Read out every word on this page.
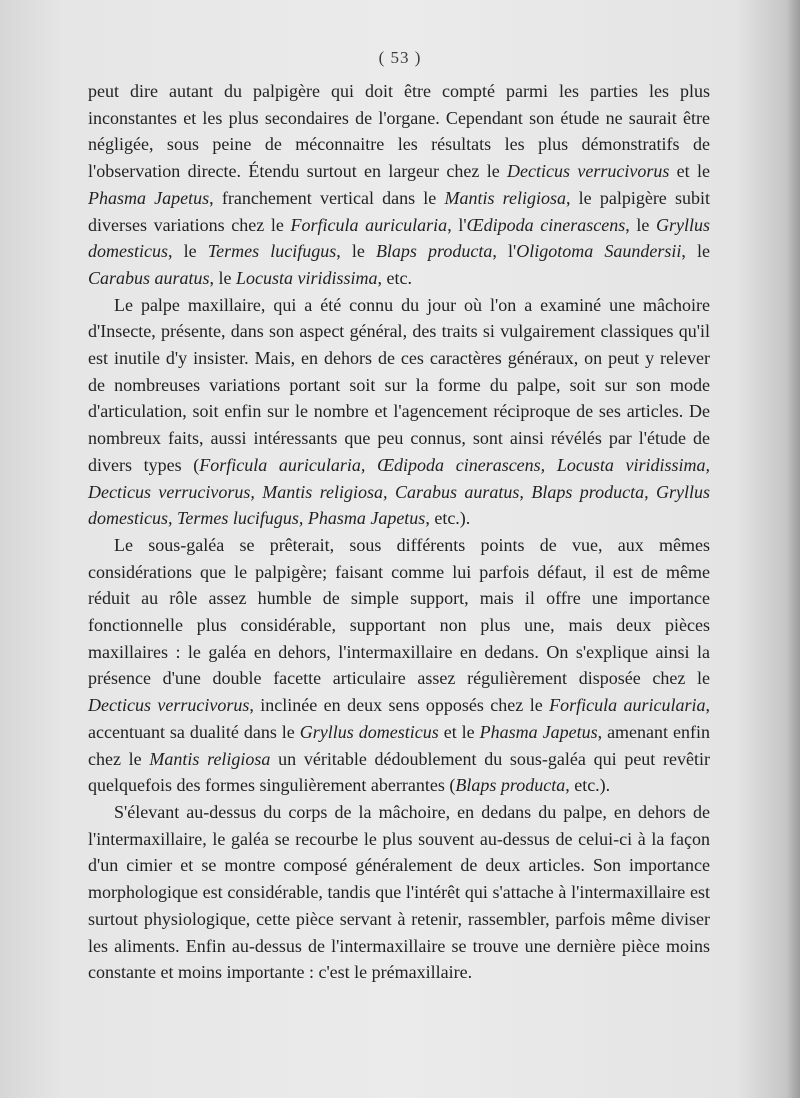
( 53 )

peut dire autant du palpigère qui doit être compté parmi les parties les plus inconstantes et les plus secondaires de l'organe. Cependant son étude ne saurait être négligée, sous peine de méconnaitre les résultats les plus démonstratifs de l'observation directe. Étendu surtout en largeur chez le Decticus verrucivorus et le Phasma Japetus, franchement vertical dans le Mantis religiosa, le palpigère subit diverses variations chez le Forficula auricularia, l'Œdipoda cinerascens, le Gryllus domesticus, le Termes lucifugus, le Blaps producta, l'Oligotoma Saundersii, le Carabus auratus, le Locusta viridissima, etc.

Le palpe maxillaire, qui a été connu du jour où l'on a examiné une mâchoire d'Insecte, présente, dans son aspect général, des traits si vulgairement classiques qu'il est inutile d'y insister. Mais, en dehors de ces caractères généraux, on peut y relever de nombreuses variations portant soit sur la forme du palpe, soit sur son mode d'articulation, soit enfin sur le nombre et l'agencement réciproque de ses articles. De nombreux faits, aussi intéressants que peu connus, sont ainsi révélés par l'étude de divers types (Forficula auricularia, Œdipoda cinerascens, Locusta viridissima, Decticus verrucivorus, Mantis religiosa, Carabus auratus, Blaps producta, Gryllus domesticus, Termes lucifugus, Phasma Japetus, etc.).

Le sous-galéa se prêterait, sous différents points de vue, aux mêmes considérations que le palpigère; faisant comme lui parfois défaut, il est de même réduit au rôle assez humble de simple support, mais il offre une importance fonctionnelle plus considérable, supportant non plus une, mais deux pièces maxillaires : le galéa en dehors, l'intermaxillaire en dedans. On s'explique ainsi la présence d'une double facette articulaire assez régulièrement disposée chez le Decticus verrucivorus, inclinée en deux sens opposés chez le Forficula auricularia, accentuant sa dualité dans le Gryllus domesticus et le Phasma Japetus, amenant enfin chez le Mantis religiosa un véritable dédoublement du sous-galéa qui peut revêtir quelquefois des formes singulièrement aberrantes (Blaps producta, etc.).

S'élevant au-dessus du corps de la mâchoire, en dedans du palpe, en dehors de l'intermaxillaire, le galéa se recourbe le plus souvent au-dessus de celui-ci à la façon d'un cimier et se montre composé généralement de deux articles. Son importance morphologique est considérable, tandis que l'intérêt qui s'attache à l'intermaxillaire est surtout physiologique, cette pièce servant à retenir, rassembler, parfois même diviser les aliments. Enfin au-dessus de l'intermaxillaire se trouve une dernière pièce moins constante et moins importante : c'est le prémaxillaire.
